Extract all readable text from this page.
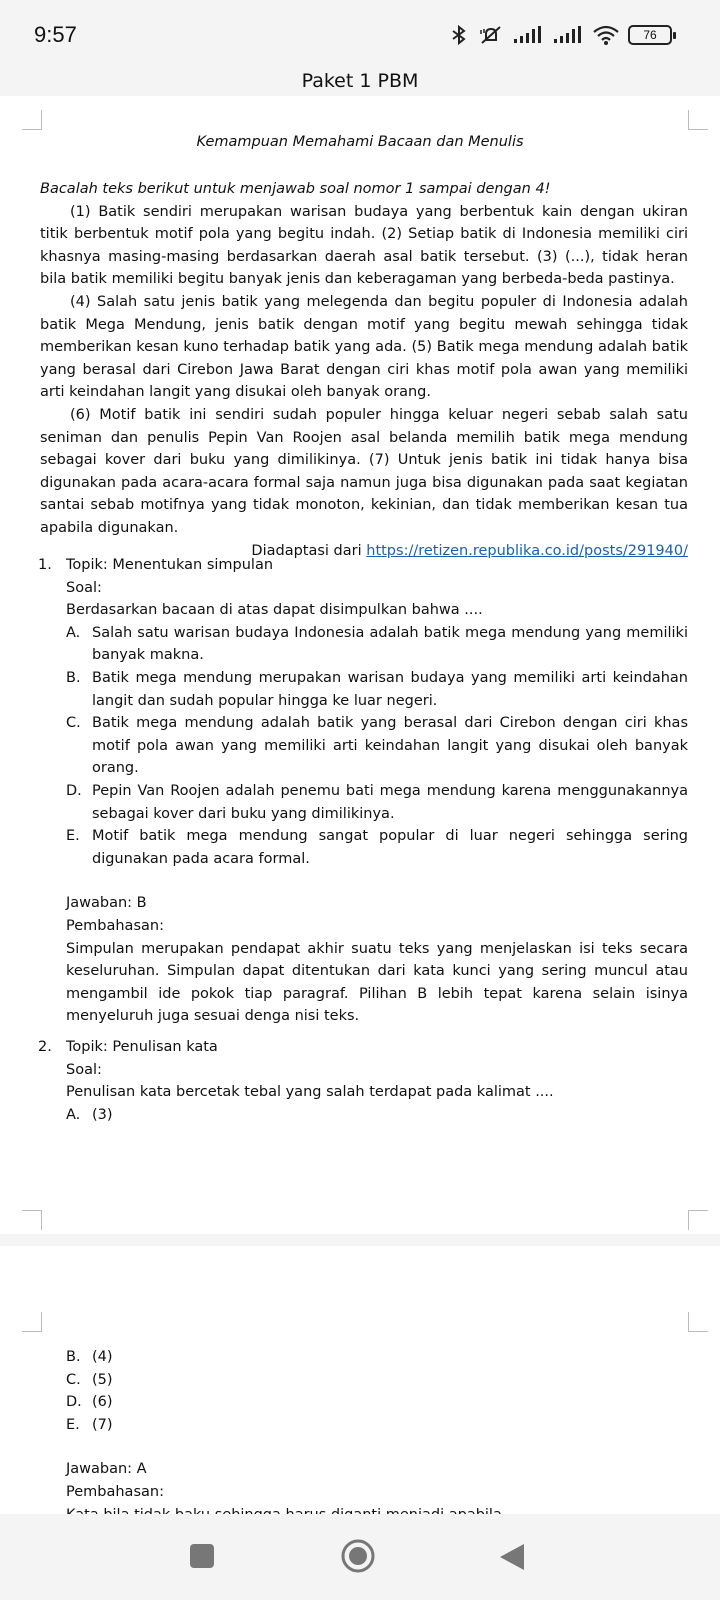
9:57	76
Paket 1 PBM
Kemampuan Memahami Bacaan dan Menulis
Bacalah teks berikut untuk menjawab soal nomor 1 sampai dengan 4!
(1) Batik sendiri merupakan warisan budaya yang berbentuk kain dengan ukiran titik berbentuk motif pola yang begitu indah. (2) Setiap batik di Indonesia memiliki ciri khasnya masing-masing berdasarkan daerah asal batik tersebut. (3) (...), tidak heran bila batik memiliki begitu banyak jenis dan keberagaman yang berbeda-beda pastinya.
(4) Salah satu jenis batik yang melegenda dan begitu populer di Indonesia adalah batik Mega Mendung, jenis batik dengan motif yang begitu mewah sehingga tidak memberikan kesan kuno terhadap batik yang ada. (5) Batik mega mendung adalah batik yang berasal dari Cirebon Jawa Barat dengan ciri khas motif pola awan yang memiliki arti keindahan langit yang disukai oleh banyak orang.
(6) Motif batik ini sendiri sudah populer hingga keluar negeri sebab salah satu seniman dan penulis Pepin Van Roojen asal belanda memilih batik mega mendung sebagai kover dari buku yang dimilikinya. (7) Untuk jenis batik ini tidak hanya bisa digunakan pada acara-acara formal saja namun juga bisa digunakan pada saat kegiatan santai sebab motifnya yang tidak monoton, kekinian, dan tidak memberikan kesan tua apabila digunakan.
Diadaptasi dari https://retizen.republika.co.id/posts/291940/
1. Topik: Menentukan simpulan
Soal:
Berdasarkan bacaan di atas dapat disimpulkan bahwa ....
A. Salah satu warisan budaya Indonesia adalah batik mega mendung yang memiliki banyak makna.
B. Batik mega mendung merupakan warisan budaya yang memiliki arti keindahan langit dan sudah popular hingga ke luar negeri.
C. Batik mega mendung adalah batik yang berasal dari Cirebon dengan ciri khas motif pola awan yang memiliki arti keindahan langit yang disukai oleh banyak orang.
D. Pepin Van Roojen adalah penemu bati mega mendung karena menggunakannya sebagai kover dari buku yang dimilikinya.
E. Motif batik mega mendung sangat popular di luar negeri sehingga sering digunakan pada acara formal.
Jawaban: B
Pembahasan:
Simpulan merupakan pendapat akhir suatu teks yang menjelaskan isi teks secara keseluruhan. Simpulan dapat ditentukan dari kata kunci yang sering muncul atau mengambil ide pokok tiap paragraf. Pilihan B lebih tepat karena selain isinya menyeluruh juga sesuai denga nisi teks.
2. Topik: Penulisan kata
Soal:
Penulisan kata bercetak tebal yang salah terdapat pada kalimat ....
A. (3)
B. (4)
C. (5)
D. (6)
E. (7)
Jawaban: A
Pembahasan:
